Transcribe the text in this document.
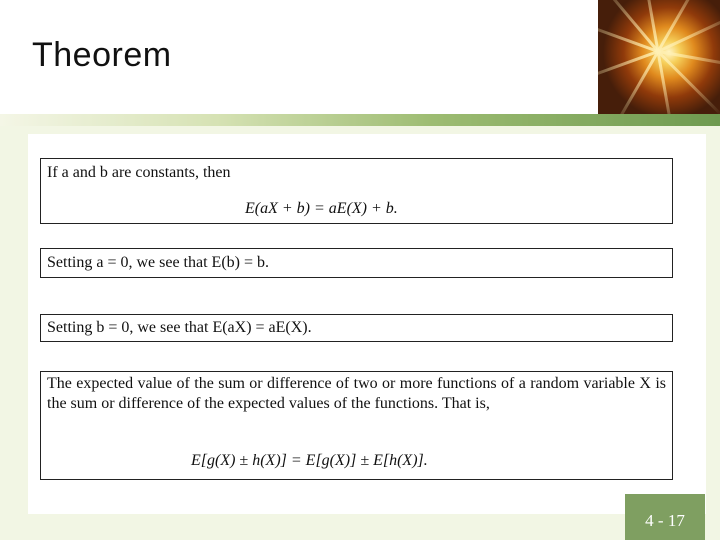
Theorem
If a and b are constants, then
E(aX + b) = aE(X) + b.
Setting a = 0, we see that E(b) = b.
Setting b = 0, we see that E(aX) = aE(X).
The expected value of the sum or difference of two or more functions of a random variable X is the sum or difference of the expected values of the functions. That is,
E[g(X) ± h(X)] = E[g(X)] ± E[h(X)].
4 - 17
